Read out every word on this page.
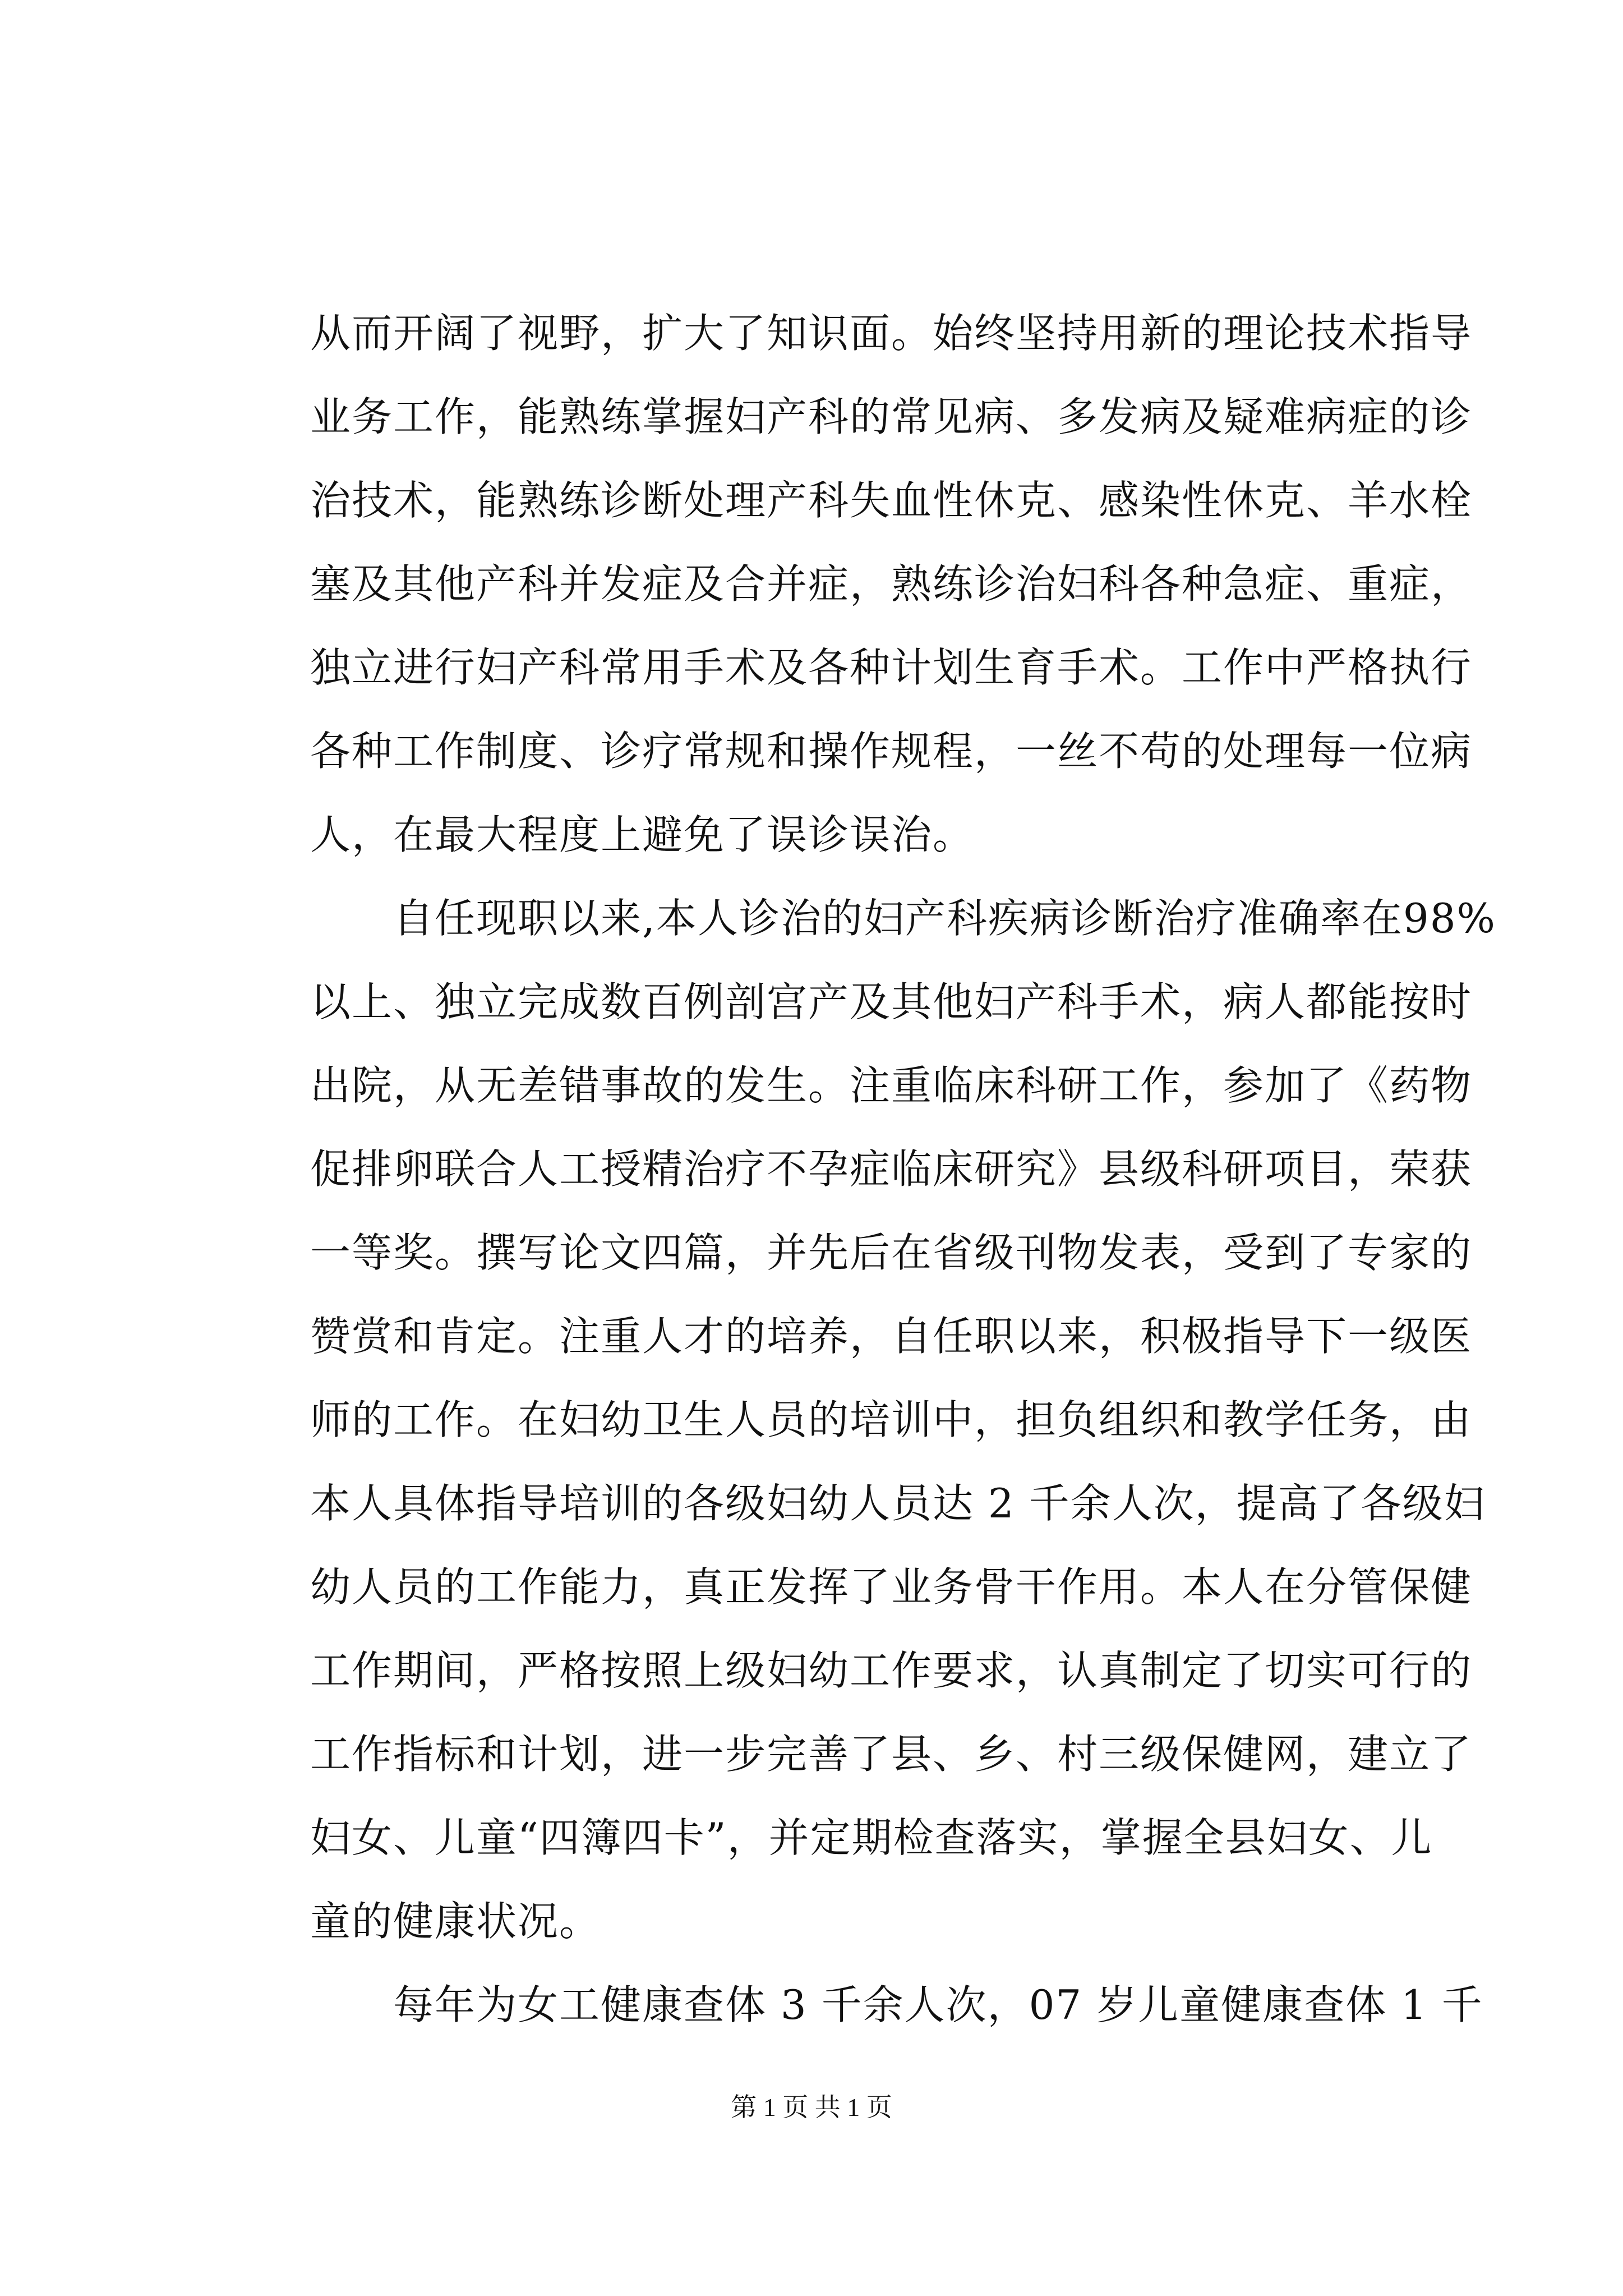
从而开阔了视野，扩大了知识面。始终坚持用新的理论技术指导
业务工作，能熟练掌握妇产科的常见病、多发病及疑难病症的诊
治技术，能熟练诊断处理产科失血性休克、感染性休克、羊水栓
塞及其他产科并发症及合并症，熟练诊治妇科各种急症、重症，
独立进行妇产科常用手术及各种计划生育手术。工作中严格执行
各种工作制度、诊疗常规和操作规程，一丝不苟的处理每一位病
人，在最大程度上避免了误诊误治。

　　自任现职以来,本人诊治的妇产科疾病诊断治疗准确率在98%
以上、独立完成数百例剖宫产及其他妇产科手术，病人都能按时
出院，从无差错事故的发生。注重临床科研工作，参加了《药物
促排卵联合人工授精治疗不孕症临床研究》县级科研项目，荣获
一等奖。撰写论文四篇，并先后在省级刊物发表，受到了专家的
赞赏和肯定。注重人才的培养，自任职以来，积极指导下一级医
师的工作。在妇幼卫生人员的培训中，担负组织和教学任务，由
本人具体指导培训的各级妇幼人员达 2 千余人次，提高了各级妇
幼人员的工作能力，真正发挥了业务骨干作用。本人在分管保健
工作期间，严格按照上级妇幼工作要求，认真制定了切实可行的
工作指标和计划，进一步完善了县、乡、村三级保健网，建立了
妇女、儿童“四簿四卡”，并定期检查落实，掌握全县妇女、儿
童的健康状况。

　　每年为女工健康查体 3 千余人次，07 岁儿童健康查体 1 千

第 1 页 共 1 页
